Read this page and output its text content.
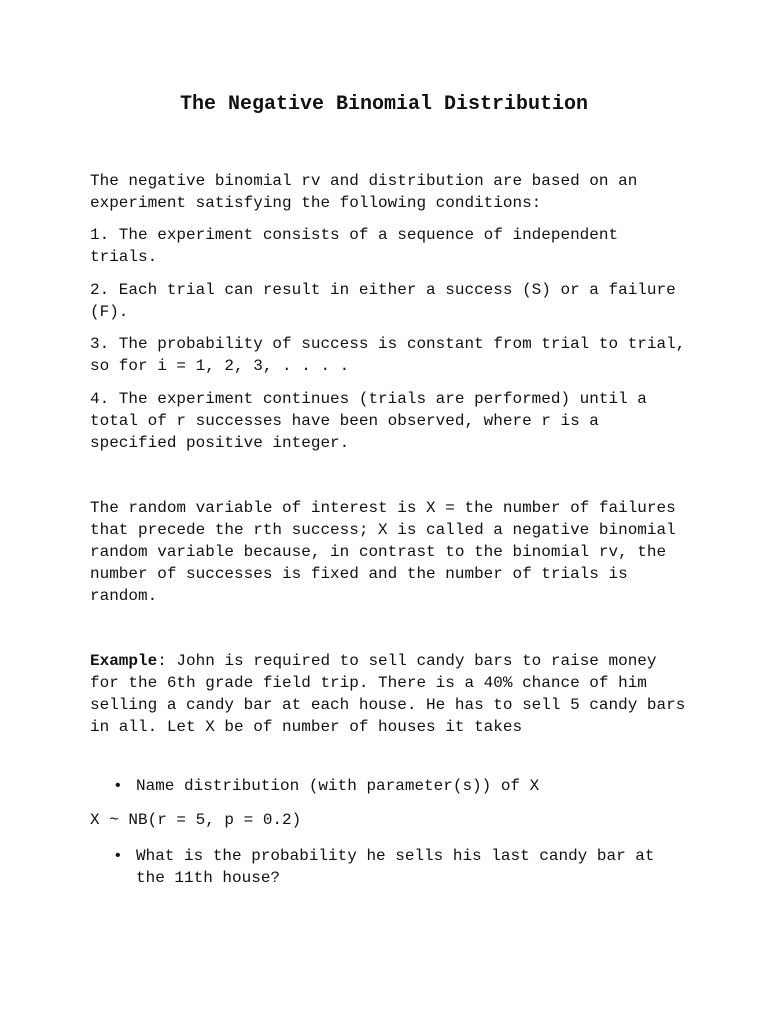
The Negative Binomial Distribution

The negative binomial rv and distribution are based on an experiment satisfying the following conditions:

1. The experiment consists of a sequence of independent trials.

2. Each trial can result in either a success (S) or a failure (F).

3. The probability of success is constant from trial to trial, so for i = 1, 2, 3, . . . .

4. The experiment continues (trials are performed) until a total of r successes have been observed, where r is a specified positive integer.

The random variable of interest is X = the number of failures that precede the rth success; X is called a negative binomial random variable because, in contrast to the binomial rv, the number of successes is fixed and the number of trials is random.

Example: John is required to sell candy bars to raise money for the 6th grade field trip. There is a 40% chance of him selling a candy bar at each house. He has to sell 5 candy bars in all. Let X be of number of houses it takes

• Name distribution (with parameter(s)) of X

X ~ NB(r = 5, p = 0.2)

• What is the probability he sells his last candy bar at the 11th house?
